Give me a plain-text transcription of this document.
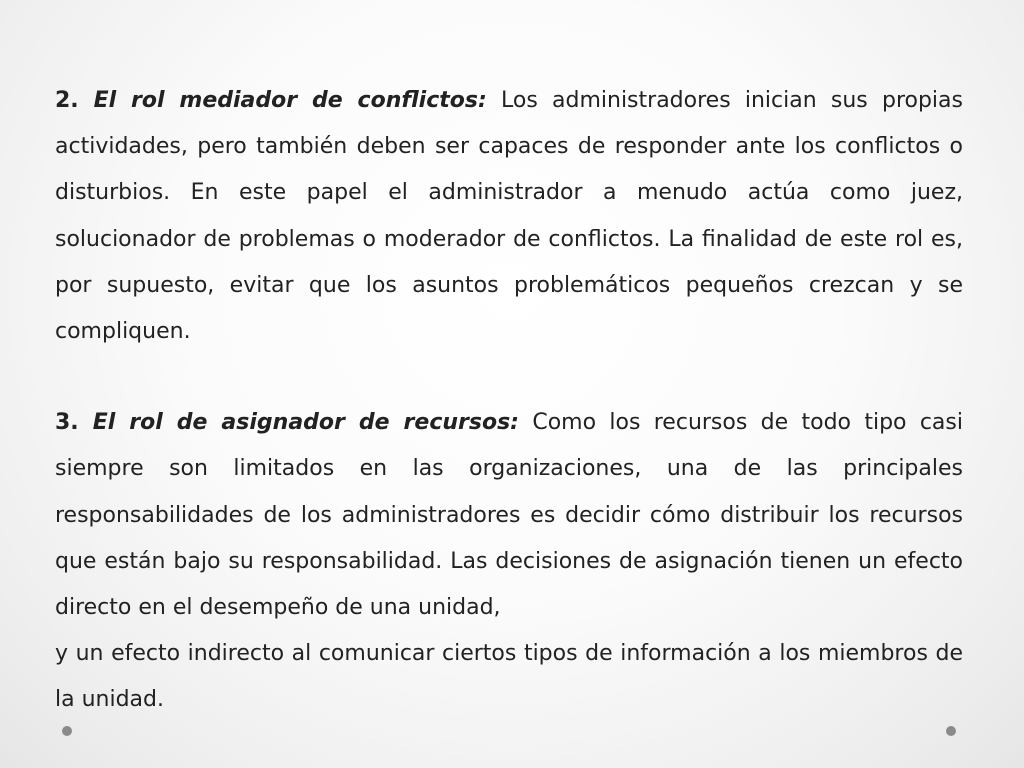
2. El rol mediador de conflictos: Los administradores inician sus propias actividades, pero también deben ser capaces de responder ante los conflictos o disturbios. En este papel el administrador a menudo actúa como juez, solucionador de problemas o moderador de conflictos. La finalidad de este rol es, por supuesto, evitar que los asuntos problemáticos pequeños crezcan y se compliquen.

3. El rol de asignador de recursos: Como los recursos de todo tipo casi siempre son limitados en las organizaciones, una de las principales responsabilidades de los administradores es decidir cómo distribuir los recursos que están bajo su responsabilidad. Las decisiones de asignación tienen un efecto directo en el desempeño de una unidad,

y un efecto indirecto al comunicar ciertos tipos de información a los miembros de la unidad.
